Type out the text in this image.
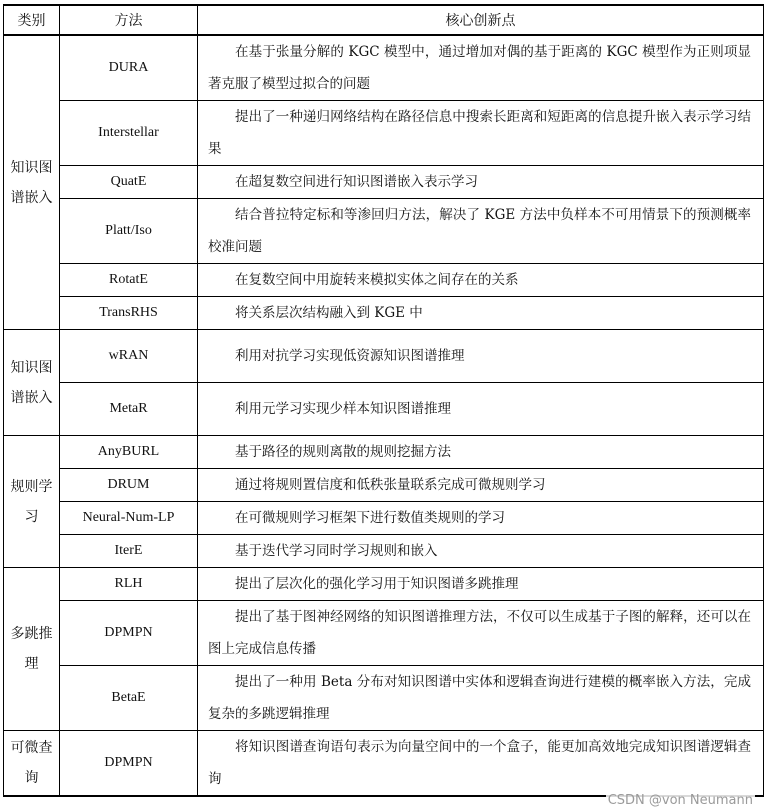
类别	方法	核心创新点
知识图谱嵌入	DURA	在基于张量分解的 KGC 模型中，通过增加对偶的基于距离的 KGC 模型作为正则项显著克服了模型过拟合的问题
	Interstellar	提出了一种递归网络结构在路径信息中搜索长距离和短距离的信息提升嵌入表示学习结果
	QuatE	在超复数空间进行知识图谱嵌入表示学习
	Platt/Iso	结合普拉特定标和等渗回归方法，解决了 KGE 方法中负样本不可用情景下的预测概率校准问题
	RotatE	在复数空间中用旋转来模拟实体之间存在的关系
	TransRHS	将关系层次结构融入到 KGE 中
知识图谱嵌入	wRAN	利用对抗学习实现低资源知识图谱推理
	MetaR	利用元学习实现少样本知识图谱推理
规则学习	AnyBURL	基于路径的规则离散的规则挖掘方法
	DRUM	通过将规则置信度和低秩张量联系完成可微规则学习
	Neural-Num-LP	在可微规则学习框架下进行数值类规则的学习
	IterE	基于迭代学习同时学习规则和嵌入
多跳推理	RLH	提出了层次化的强化学习用于知识图谱多跳推理
	DPMPN	提出了基于图神经网络的知识图谱推理方法，不仅可以生成基于子图的解释，还可以在图上完成信息传播
	BetaE	提出了一种用 Beta 分布对知识图谱中实体和逻辑查询进行建模的概率嵌入方法，完成复杂的多跳逻辑推理
可微查询	DPMPN	将知识图谱查询语句表示为向量空间中的一个盒子，能更加高效地完成知识图谱逻辑查询
CSDN @von Neumann
